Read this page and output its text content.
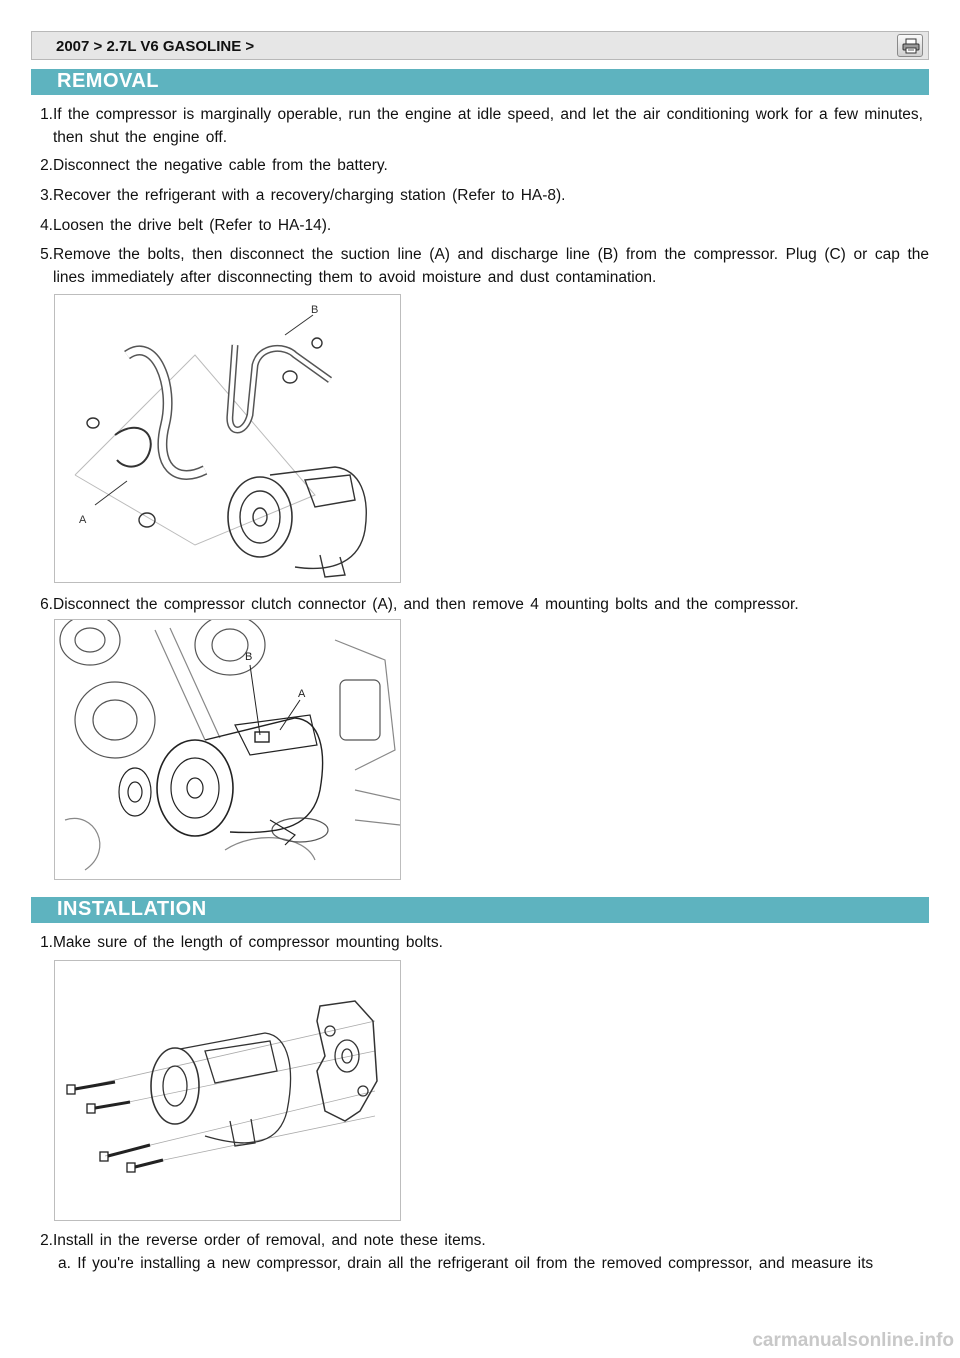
2007 > 2.7L V6 GASOLINE >
REMOVAL
1. If the compressor is marginally operable, run the engine at idle speed, and let the air conditioning work for a few minutes, then shut the engine off.
2. Disconnect the negative cable from the battery.
3. Recover the refrigerant with a recovery/charging station (Refer to HA-8).
4. Loosen the drive belt (Refer to HA-14).
5. Remove the bolts, then disconnect the suction line (A) and discharge line (B) from the compressor. Plug (C) or cap the lines immediately after disconnecting them to avoid moisture and dust contamination.
A
B
6. Disconnect the compressor clutch connector (A), and then remove 4 mounting bolts and the compressor.
B
A
INSTALLATION
1. Make sure of the length of compressor mounting bolts.
2. Install in the reverse order of removal, and note these items.
a. If you're installing a new compressor, drain all the refrigerant oil from the removed compressor, and measure its
carmanualsonline.info
